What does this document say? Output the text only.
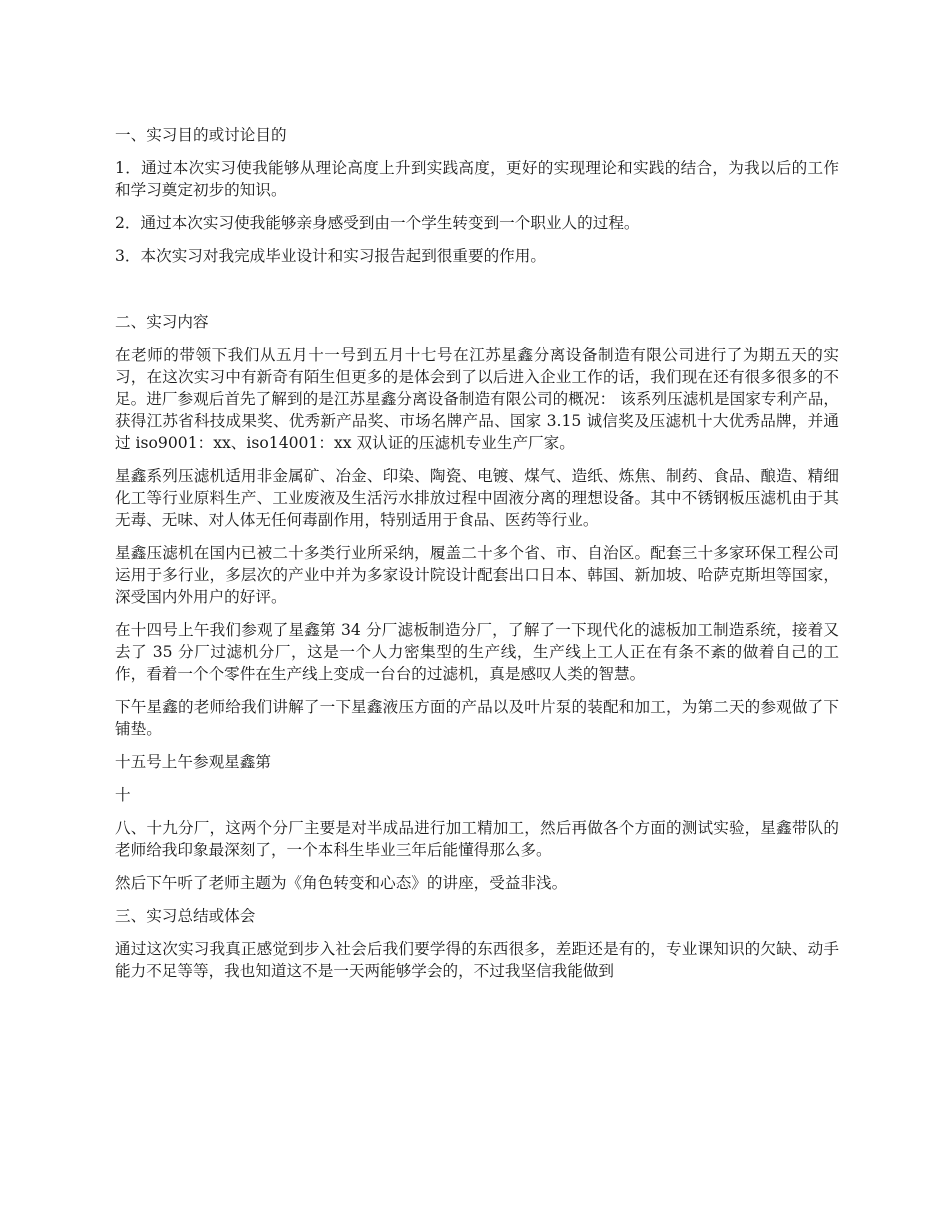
一、实习目的或讨论目的

1．通过本次实习使我能够从理论高度上升到实践高度，更好的实现理论和实践的结合，为我以后的工作和学习奠定初步的知识。

2．通过本次实习使我能够亲身感受到由一个学生转变到一个职业人的过程。

3．本次实习对我完成毕业设计和实习报告起到很重要的作用。

二、实习内容

在老师的带领下我们从五月十一号到五月十七号在江苏星鑫分离设备制造有限公司进行了为期五天的实习，在这次实习中有新奇有陌生但更多的是体会到了以后进入企业工作的话，我们现在还有很多很多的不足。进厂参观后首先了解到的是江苏星鑫分离设备制造有限公司的概况： 该系列压滤机是国家专利产品，获得江苏省科技成果奖、优秀新产品奖、市场名牌产品、国家 3.15 诚信奖及压滤机十大优秀品牌，并通过 iso9001：xx、iso14001：xx 双认证的压滤机专业生产厂家。

星鑫系列压滤机适用非金属矿、冶金、印染、陶瓷、电镀、煤气、造纸、炼焦、制药、食品、酿造、精细化工等行业原料生产、工业废液及生活污水排放过程中固液分离的理想设备。其中不锈钢板压滤机由于其无毒、无味、对人体无任何毒副作用，特别适用于食品、医药等行业。

星鑫压滤机在国内已被二十多类行业所采纳，履盖二十多个省、市、自治区。配套三十多家环保工程公司运用于多行业，多层次的产业中并为多家设计院设计配套出口日本、韩国、新加坡、哈萨克斯坦等国家，深受国内外用户的好评。

在十四号上午我们参观了星鑫第 34 分厂滤板制造分厂，了解了一下现代化的滤板加工制造系统，接着又去了 35 分厂过滤机分厂，这是一个人力密集型的生产线，生产线上工人正在有条不紊的做着自己的工作，看着一个个零件在生产线上变成一台台的过滤机，真是感叹人类的智慧。

下午星鑫的老师给我们讲解了一下星鑫液压方面的产品以及叶片泵的装配和加工，为第二天的参观做了下铺垫。

十五号上午参观星鑫第

十

八、十九分厂，这两个分厂主要是对半成品进行加工精加工，然后再做各个方面的测试实验，星鑫带队的老师给我印象最深刻了，一个本科生毕业三年后能懂得那么多。

然后下午听了老师主题为《角色转变和心态》的讲座，受益非浅。

三、实习总结或体会

通过这次实习我真正感觉到步入社会后我们要学得的东西很多，差距还是有的，专业课知识的欠缺、动手能力不足等等，我也知道这不是一天两能够学会的，不过我坚信我能做到
